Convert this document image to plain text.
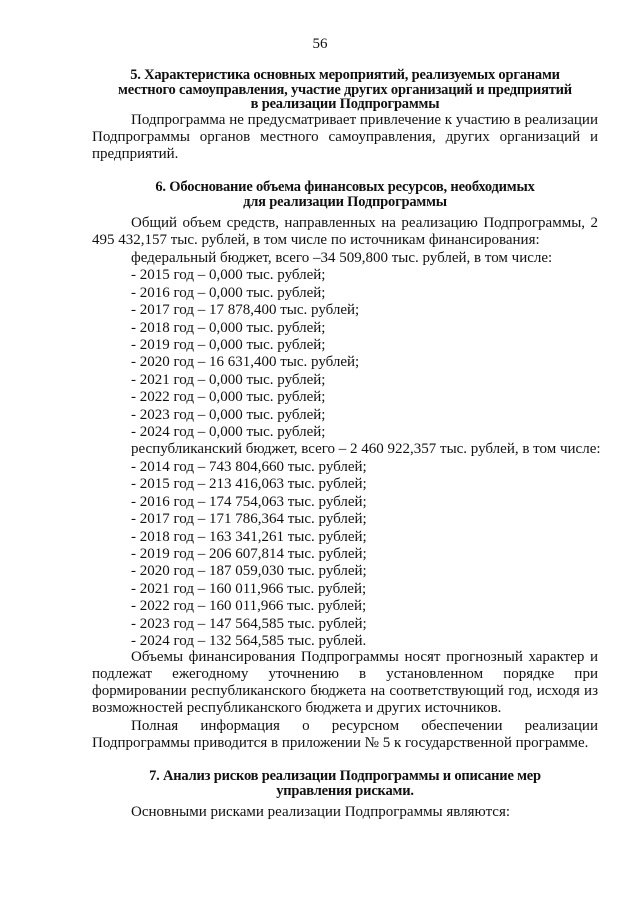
56
5. Характеристика основных мероприятий, реализуемых органами
местного самоуправления, участие других организаций и предприятий
в реализации Подпрограммы
Подпрограмма не предусматривает привлечение к участию в реализации Подпрограммы органов местного самоуправления, других организаций и предприятий.
6. Обоснование объема финансовых ресурсов, необходимых
для реализации Подпрограммы
Общий объем средств, направленных на реализацию Подпрограммы, 2 495 432,157 тыс. рублей, в том числе по источникам финансирования:
федеральный бюджет, всего –34 509,800 тыс. рублей, в том числе:
- 2015 год – 0,000 тыс. рублей;
- 2016 год – 0,000 тыс. рублей;
- 2017 год – 17 878,400 тыс. рублей;
- 2018 год – 0,000 тыс. рублей;
- 2019 год – 0,000 тыс. рублей;
- 2020 год – 16 631,400 тыс. рублей;
- 2021 год – 0,000 тыс. рублей;
- 2022 год – 0,000 тыс. рублей;
- 2023 год – 0,000 тыс. рублей;
- 2024 год – 0,000 тыс. рублей;
республиканский бюджет, всего – 2 460 922,357 тыс. рублей, в том числе:
- 2014 год – 743 804,660 тыс. рублей;
- 2015 год – 213 416,063 тыс. рублей;
- 2016 год – 174 754,063 тыс. рублей;
- 2017 год – 171 786,364 тыс. рублей;
- 2018 год – 163 341,261 тыс. рублей;
- 2019 год – 206 607,814 тыс. рублей;
- 2020 год – 187 059,030 тыс. рублей;
- 2021 год – 160 011,966 тыс. рублей;
- 2022 год – 160 011,966 тыс. рублей;
- 2023 год – 147 564,585 тыс. рублей;
- 2024 год – 132 564,585 тыс. рублей.
Объемы финансирования Подпрограммы носят прогнозный характер и подлежат ежегодному уточнению в установленном порядке при формировании республиканского бюджета на соответствующий год, исходя из возможностей республиканского бюджета и других источников.
Полная информация о ресурсном обеспечении реализации Подпрограммы приводится в приложении № 5 к государственной программе.
7. Анализ рисков реализации Подпрограммы и описание мер
управления рисками.
Основными рисками реализации Подпрограммы являются:
